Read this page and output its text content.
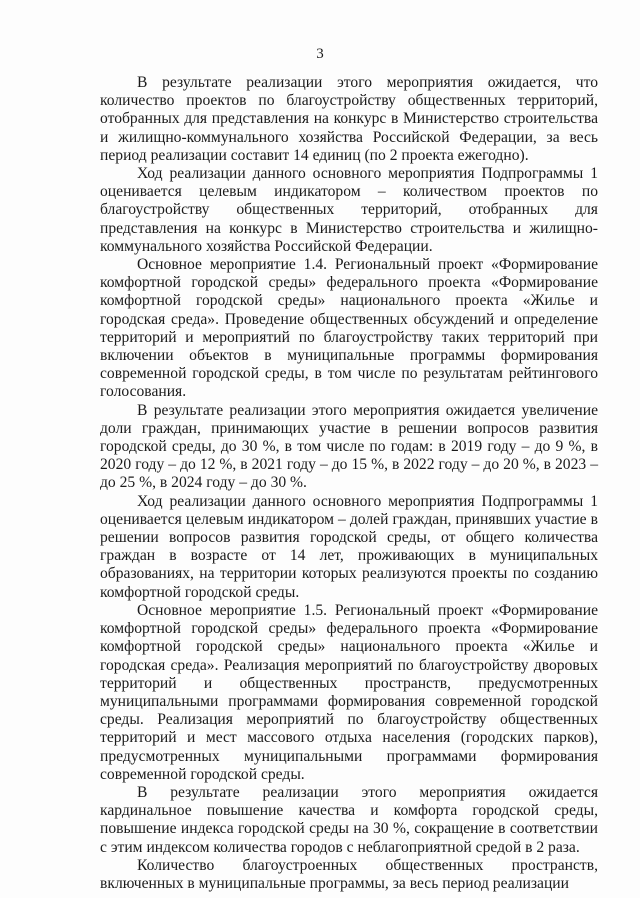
3

В результате реализации этого мероприятия ожидается, что количество проектов по благоустройству общественных территорий, отобранных для представления на конкурс в Министерство строительства и жилищно-коммунального хозяйства Российской Федерации, за весь период реализации составит 14 единиц (по 2 проекта ежегодно).

Ход реализации данного основного мероприятия Подпрограммы 1 оценивается целевым индикатором – количеством проектов по благоустройству общественных территорий, отобранных для представления на конкурс в Министерство строительства и жилищно-коммунального хозяйства Российской Федерации.

Основное мероприятие 1.4. Региональный проект «Формирование комфортной городской среды» федерального проекта «Формирование комфортной городской среды» национального проекта «Жилье и городская среда». Проведение общественных обсуждений и определение территорий и мероприятий по благоустройству таких территорий при включении объектов в муниципальные программы формирования современной городской среды, в том числе по результатам рейтингового голосования.

В результате реализации этого мероприятия ожидается увеличение доли граждан, принимающих участие в решении вопросов развития городской среды, до 30 %, в том числе по годам: в 2019 году – до 9 %, в 2020 году – до 12 %, в 2021 году – до 15 %, в 2022 году – до 20 %, в 2023 – до 25 %, в 2024 году – до 30 %.

Ход реализации данного основного мероприятия Подпрограммы 1 оценивается целевым индикатором – долей граждан, принявших участие в решении вопросов развития городской среды, от общего количества граждан в возрасте от 14 лет, проживающих в муниципальных образованиях, на территории которых реализуются проекты по созданию комфортной городской среды.

Основное мероприятие 1.5. Региональный проект «Формирование комфортной городской среды» федерального проекта «Формирование комфортной городской среды» национального проекта «Жилье и городская среда». Реализация мероприятий по благоустройству дворовых территорий и общественных пространств, предусмотренных муниципальными программами формирования современной городской среды. Реализация мероприятий по благоустройству общественных территорий и мест массового отдыха населения (городских парков), предусмотренных муниципальными программами формирования современной городской среды.

В результате реализации этого мероприятия ожидается кардинальное повышение качества и комфорта городской среды, повышение индекса городской среды на 30 %, сокращение в соответствии с этим индексом количества городов с неблагоприятной средой в 2 раза.

Количество благоустроенных общественных пространств, включенных в муниципальные программы, за весь период реализации
